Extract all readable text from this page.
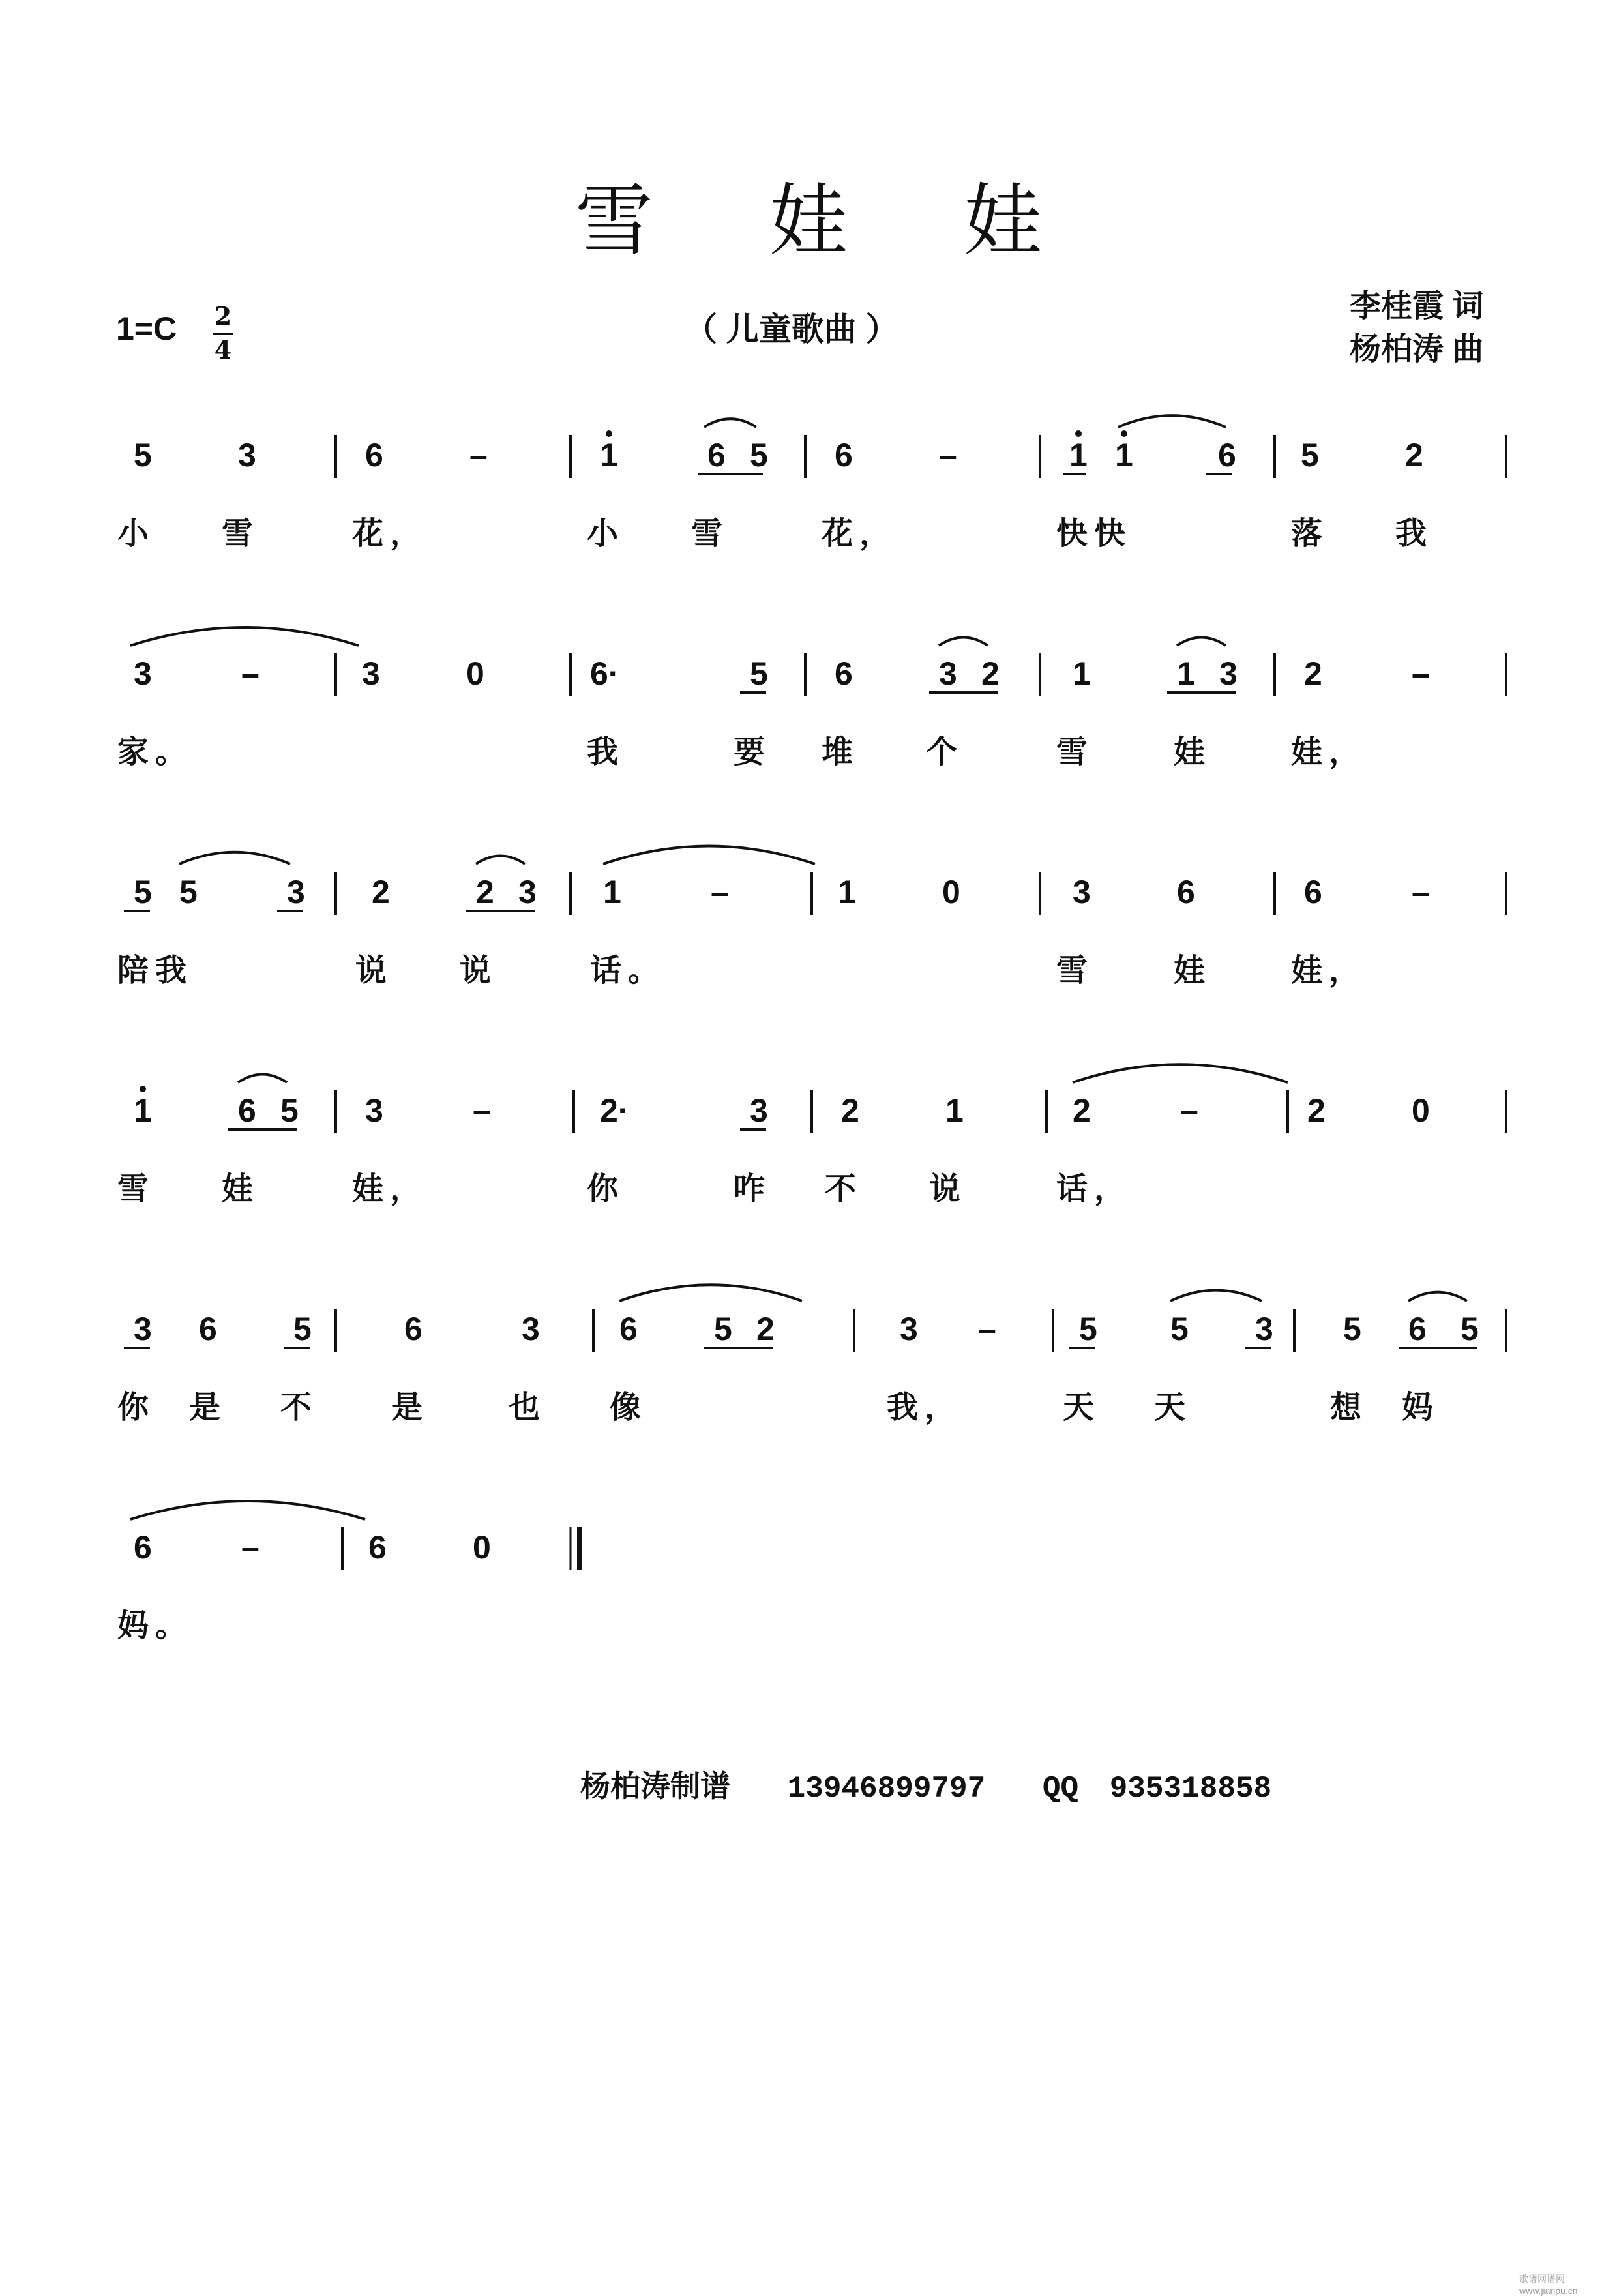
雪 娃 娃
1=C 2
4
（ 儿童歌曲 ）
李桂霞 词
杨柏涛 曲
5	3	6	–	1	6 5 6	–	1 1	6 5	2
3	–	3	0	6·	5 6	3 2 1	1 3 2	–
5 5	3 2	2 3 1	–	1	0	3	6	6	–
1	6 5 3	–	2·	3 2	1	2	–	2	0
3 6 5	6	3 6 5 2	3 –	5 5 3 5 6 5
6	–	6	0
小 雪	花，	小 雪	花，	快快	落 我
家。	我	要 堆 个	雪	娃	娃，
陪我	说 说	话。	雪	娃	娃，
雪 娃	娃，	你	咋 不 说	话，
你 是 不 是	也 像	我，	天 天	想 妈
妈。
杨柏涛制谱 13946899797 QQ 935318858
歌谱网谱网 www.jianpu.cn
